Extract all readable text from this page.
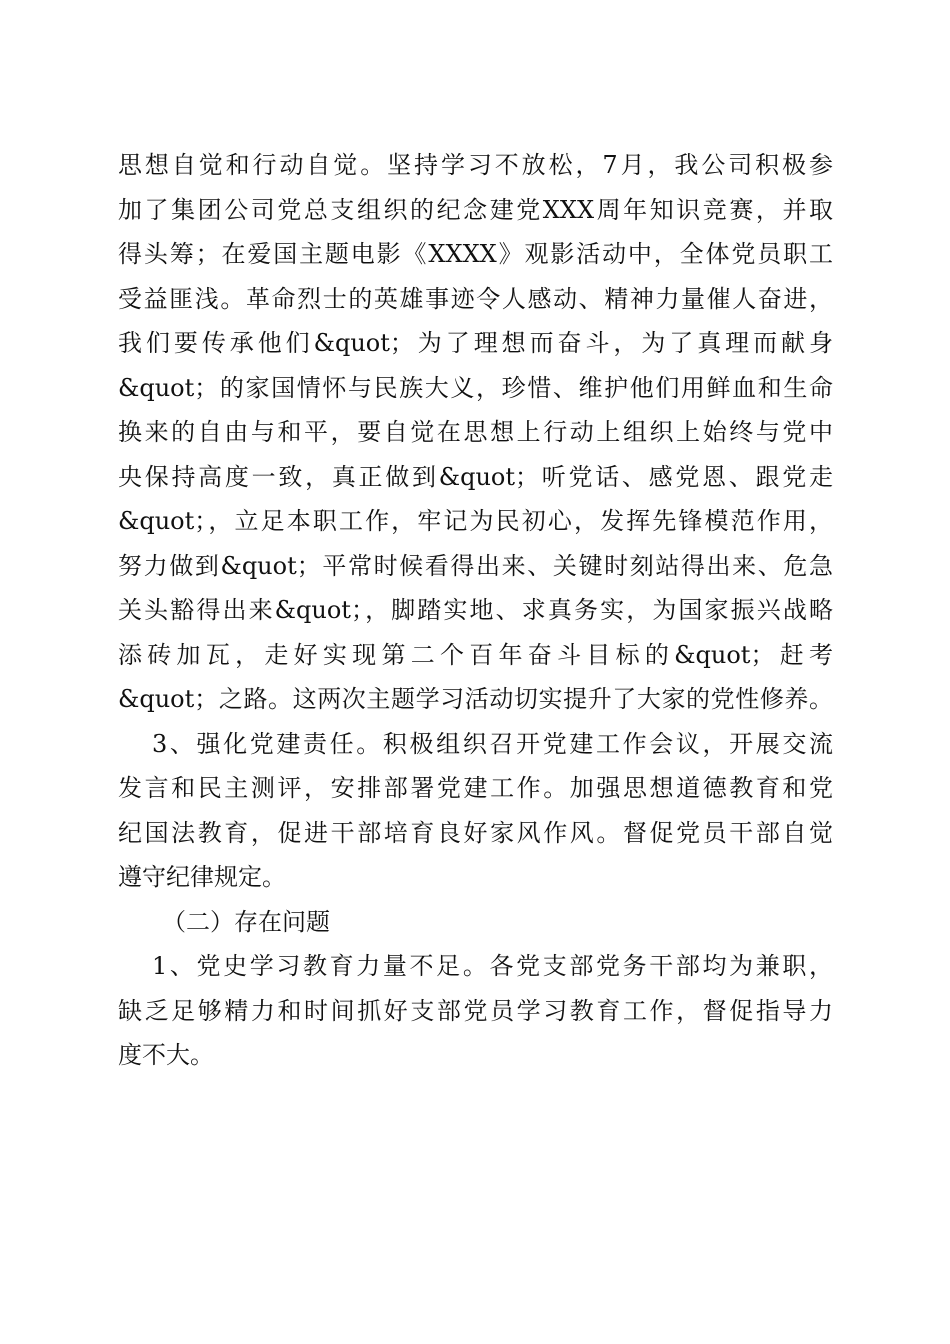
思想自觉和行动自觉。坚持学习不放松，7月，我公司积极参
加了集团公司党总支组织的纪念建党XXX周年知识竞赛，并取
得头筹；在爱国主题电影《XXXX》观影活动中，全体党员职工
受益匪浅。革命烈士的英雄事迹令人感动、精神力量催人奋进，
我们要传承他们&quot；为了理想而奋斗，为了真理而献身
&quot；的家国情怀与民族大义，珍惜、维护他们用鲜血和生命
换来的自由与和平，要自觉在思想上行动上组织上始终与党中
央保持高度一致，真正做到&quot；听党话、感党恩、跟党走
&quot；，立足本职工作，牢记为民初心，发挥先锋模范作用，
努力做到&quot；平常时候看得出来、关键时刻站得出来、危急
关头豁得出来&quot；，脚踏实地、求真务实，为国家振兴战略
添砖加瓦，走好实现第二个百年奋斗目标的&quot；赶考
&quot；之路。这两次主题学习活动切实提升了大家的党性修养。
3、强化党建责任。积极组织召开党建工作会议，开展交流
发言和民主测评，安排部署党建工作。加强思想道德教育和党
纪国法教育，促进干部培育良好家风作风。督促党员干部自觉
遵守纪律规定。
（二）存在问题
1、党史学习教育力量不足。各党支部党务干部均为兼职，
缺乏足够精力和时间抓好支部党员学习教育工作，督促指导力
度不大。
